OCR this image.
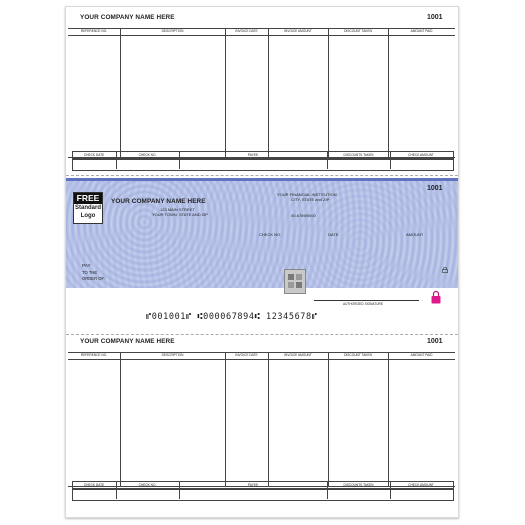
YOUR COMPANY NAME HERE	1001
REFERENCE NO.	DESCRIPTION	INVOICE DATE	INVOICE AMOUNT	DISCOUNT TAKEN	AMOUNT PAID
CHECK DATE	CHECK NO.	PAYEE	DISCOUNTS TAKEN	CHECK AMOUNT
FREE
Standard
Logo
YOUR COMPANY NAME HERE
123 MAIN STREET
YOUR TOWN, STATE AND ZIP
YOUR FINANCIAL INSTITUTION
CITY, STATE and ZIP
00-6789/0000
1001
CHECK NO.	DATE	AMOUNT
PAY
TO THE
ORDER OF:
AUTHORIZED SIGNATURE
⑈001001⑈ ⑆000067894⑆ 12345678⑈
YOUR COMPANY NAME HERE	1001
REFERENCE NO.	DESCRIPTION	INVOICE DATE	INVOICE AMOUNT	DISCOUNT TAKEN	AMOUNT PAID
CHECK DATE	CHECK NO.	PAYEE	DISCOUNTS TAKEN	CHECK AMOUNT
